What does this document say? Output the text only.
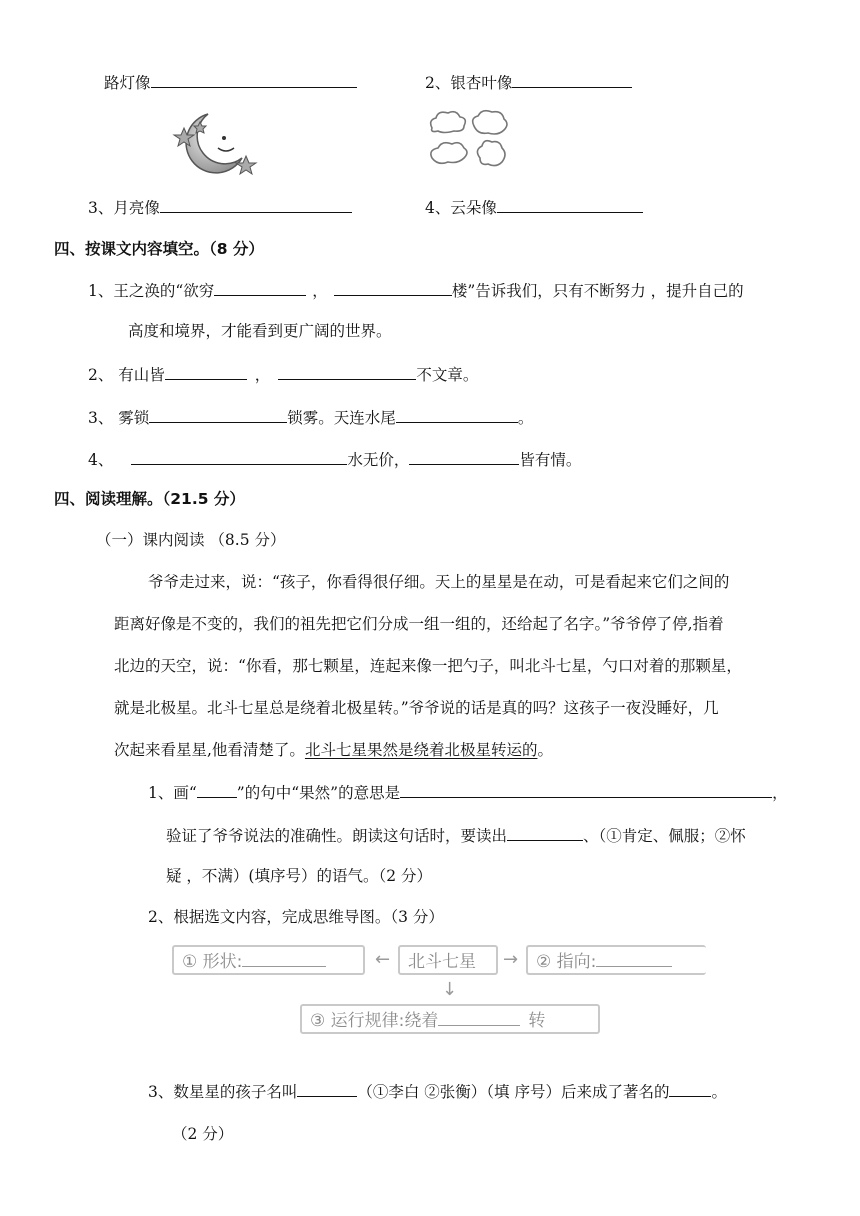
路灯像	2、银杏叶像
3、月亮像	4、云朵像
四、按课文内容填空。（8 分）
1、王之涣的“欲穷	，	楼”告诉我们，只有不断努力 ，提升自己的
高度和境界，才能看到更广阔的世界。
2、 有山皆	，	不文章。
3、 雾锁	锁雾。天连水尾	。
4、	水无价，	皆有情。
四、阅读理解。（21.5 分）
（一）课内阅读 （8.5 分）
爷爷走过来，说：“孩子，你看得很仔细。天上的星星是在动，可是看起来它们之间的
距离好像是不变的，我们的祖先把它们分成一组一组的，还给起了名字。”爷爷停了停,指着
北边的天空，说：“你看，那七颗星，连起来像一把勺子，叫北斗七星，勺口对着的那颗星，
就是北极星。北斗七星总是绕着北极星转。”爷爷说的话是真的吗？这孩子一夜没睡好，几
次起来看星星,他看清楚了。北斗七星果然是绕着北极星转运的。
1、画“	”的句中“果然”的意思是	，
验证了爷爷说法的准确性。朗读这句话时，要读出	、（①肯定、佩服；②怀
疑 ，不满）(填序号）的语气。（2 分）
2、根据选文内容，完成思维导图。（3 分）
① 形状:	←	北斗七星	→	② 指向:
↓
③ 运行规律:绕着	转
3、数星星的孩子名叫	（①李白 ②张衡）（填 序号）后来成了著名的	。
（2 分）
